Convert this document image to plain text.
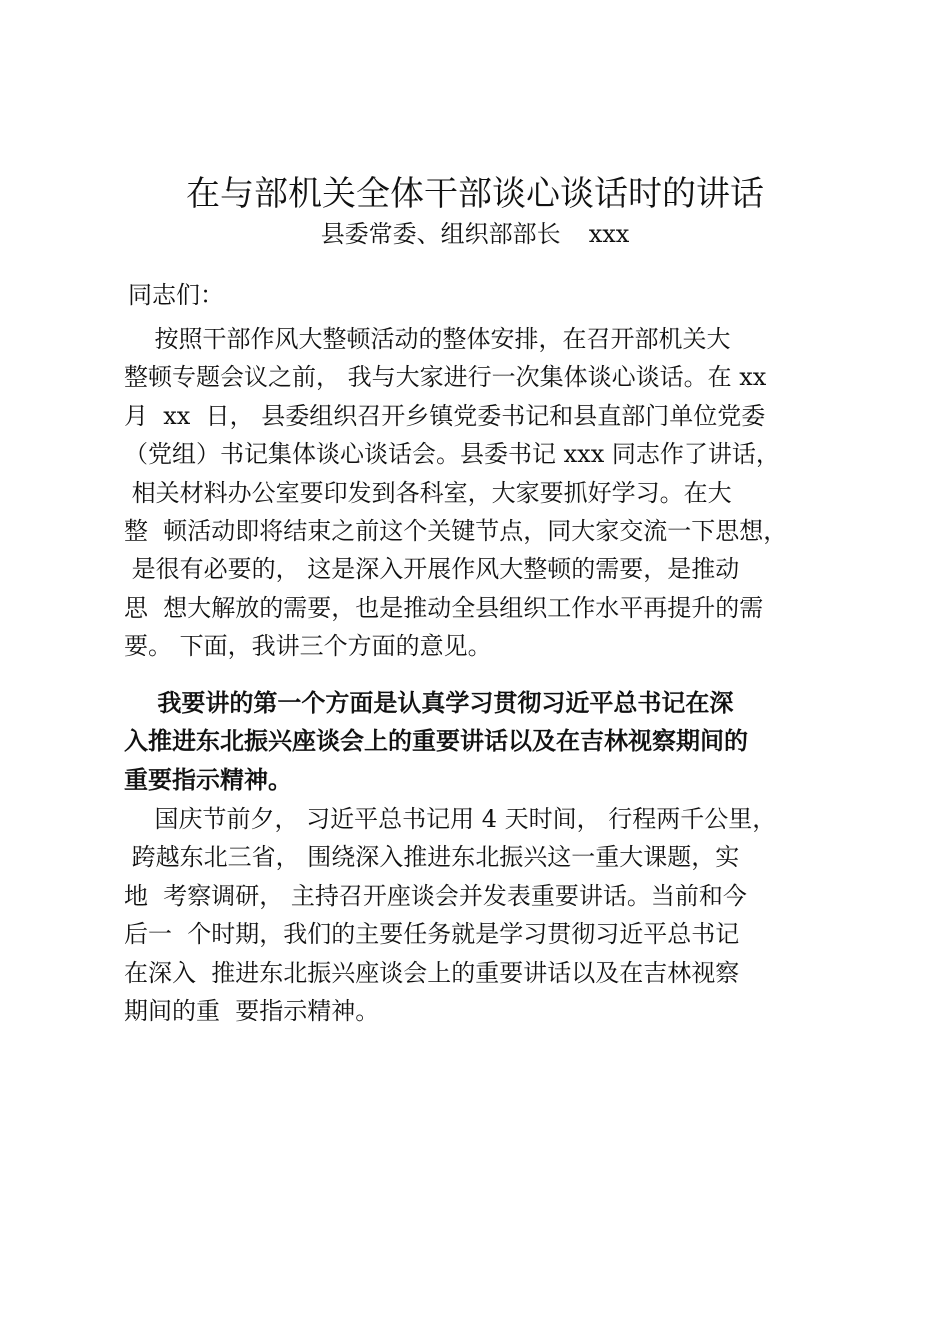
在与部机关全体干部谈心谈话时的讲话
县委常委、组织部部长 xxx
同志们：
按照干部作风大整顿活动的整体安排，在召开部机关大
整顿专题会议之前， 我与大家进行一次集体谈心谈话。在 xx
月  xx  日， 县委组织召开乡镇党委书记和县直部门单位党委
（党组）书记集体谈心谈话会。县委书记 xxx 同志作了讲话，
相关材料办公室要印发到各科室，大家要抓好学习。在大
整  顿活动即将结束之前这个关键节点，同大家交流一下思想，
是很有必要的， 这是深入开展作风大整顿的需要，是推动
思  想大解放的需要，也是推动全县组织工作水平再提升的需
要。 下面，我讲三个方面的意见。
我要讲的第一个方面是认真学习贯彻习近平总书记在深
入推进东北振兴座谈会上的重要讲话以及在吉林视察期间的
重要指示精神。
国庆节前夕， 习近平总书记用 4 天时间， 行程两千公里，
跨越东北三省， 围绕深入推进东北振兴这一重大课题，实
地  考察调研， 主持召开座谈会并发表重要讲话。当前和今
后一  个时期，我们的主要任务就是学习贯彻习近平总书记
在深入  推进东北振兴座谈会上的重要讲话以及在吉林视察
期间的重  要指示精神。
